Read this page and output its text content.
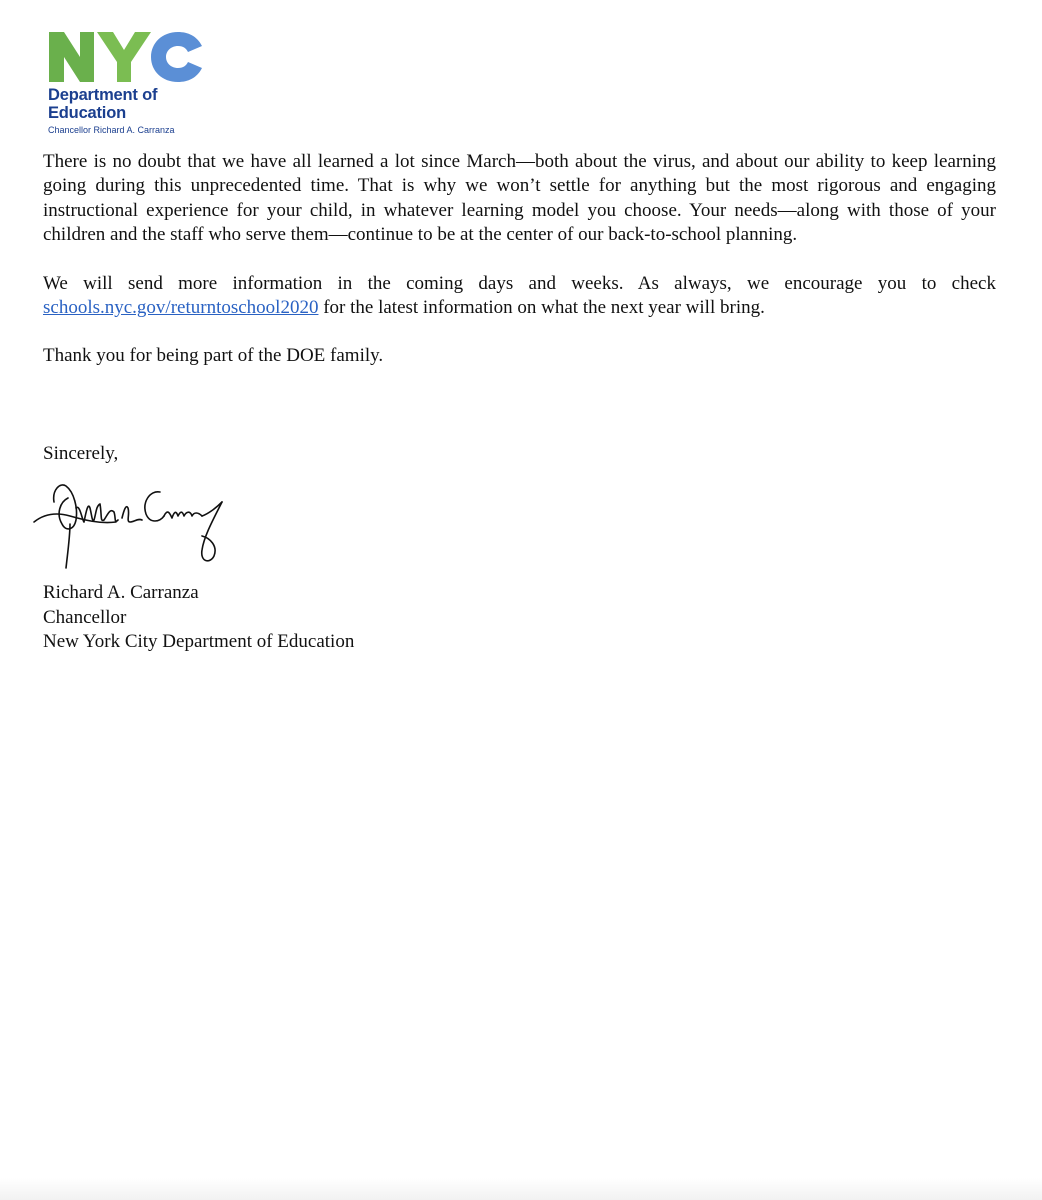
Department of
Education
Chancellor Richard A. Carranza

There is no doubt that we have all learned a lot since March—both about the virus, and about our ability to keep learning going during this unprecedented time. That is why we won’t settle for anything but the most rigorous and engaging instructional experience for your child, in whatever learning model you choose. Your needs—along with those of your children and the staff who serve them—continue to be at the center of our back-to-school planning.

We will send more information in the coming days and weeks. As always, we encourage you to check schools.nyc.gov/returntoschool2020 for the latest information on what the next year will bring.

Thank you for being part of the DOE family.

Sincerely,
Richard A. Carranza
Chancellor
New York City Department of Education
